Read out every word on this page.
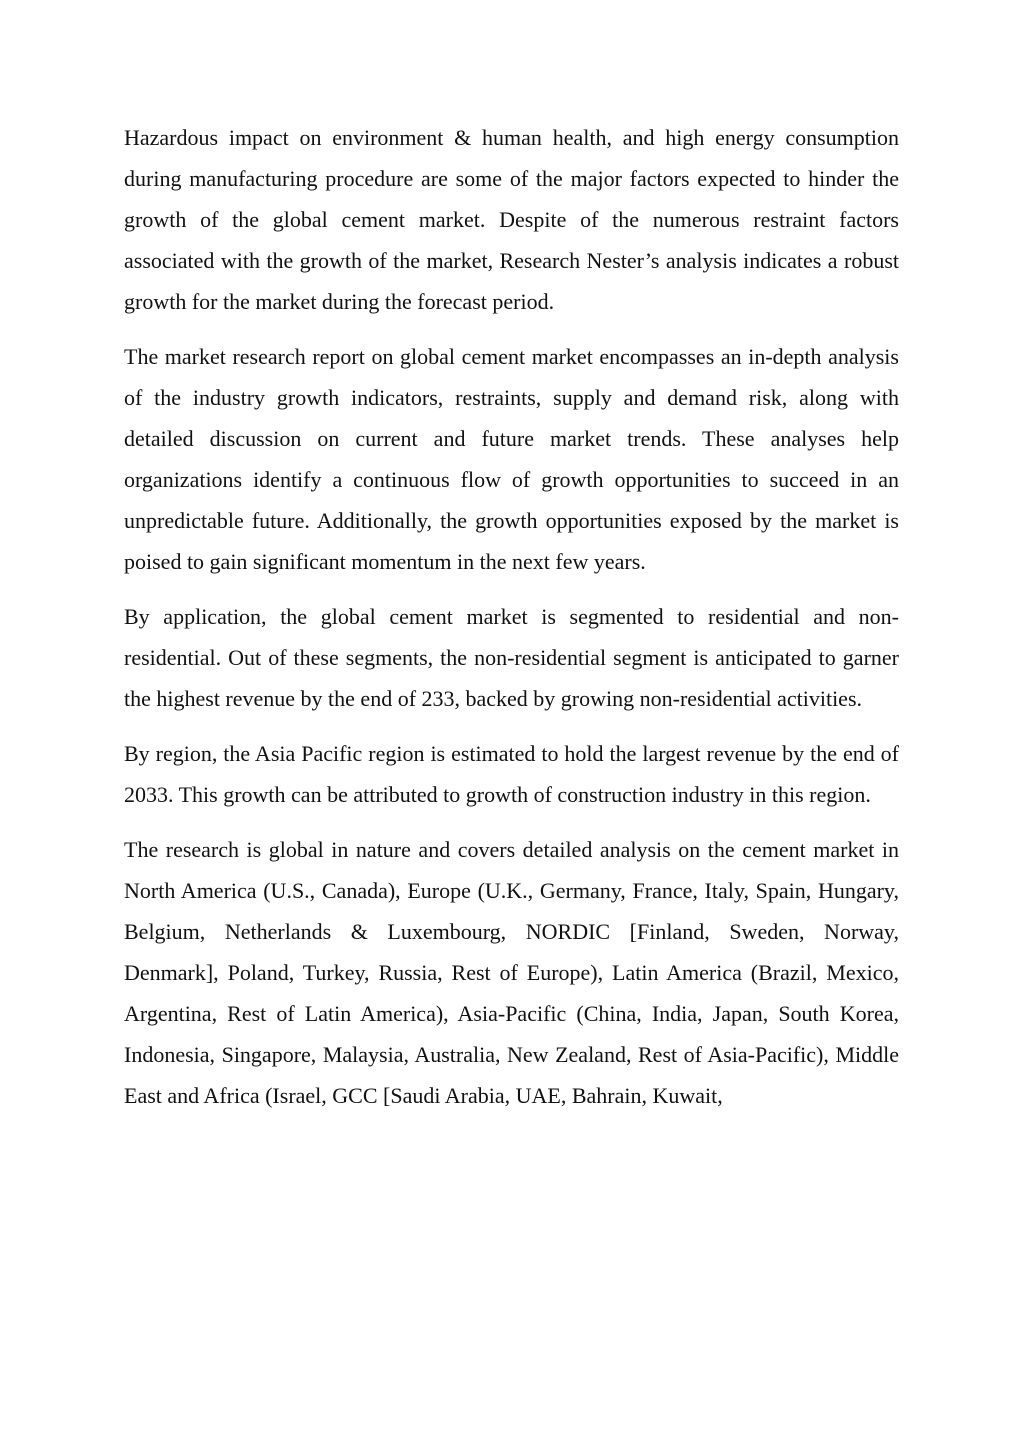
Hazardous impact on environment & human health, and high energy consumption during manufacturing procedure are some of the major factors expected to hinder the growth of the global cement market. Despite of the numerous restraint factors associated with the growth of the market, Research Nester’s analysis indicates a robust growth for the market during the forecast period.

The market research report on global cement market encompasses an in-depth analysis of the industry growth indicators, restraints, supply and demand risk, along with detailed discussion on current and future market trends. These analyses help organizations identify a continuous flow of growth opportunities to succeed in an unpredictable future. Additionally, the growth opportunities exposed by the market is poised to gain significant momentum in the next few years.

By application, the global cement market is segmented to residential and non-residential. Out of these segments, the non-residential segment is anticipated to garner the highest revenue by the end of 233, backed by growing non-residential activities.

By region, the Asia Pacific region is estimated to hold the largest revenue by the end of 2033. This growth can be attributed to growth of construction industry in this region.

The research is global in nature and covers detailed analysis on the cement market in North America (U.S., Canada), Europe (U.K., Germany, France, Italy, Spain, Hungary, Belgium, Netherlands & Luxembourg, NORDIC [Finland, Sweden, Norway, Denmark], Poland, Turkey, Russia, Rest of Europe), Latin America (Brazil, Mexico, Argentina, Rest of Latin America), Asia-Pacific (China, India, Japan, South Korea, Indonesia, Singapore, Malaysia, Australia, New Zealand, Rest of Asia-Pacific), Middle East and Africa (Israel, GCC [Saudi Arabia, UAE, Bahrain, Kuwait,
